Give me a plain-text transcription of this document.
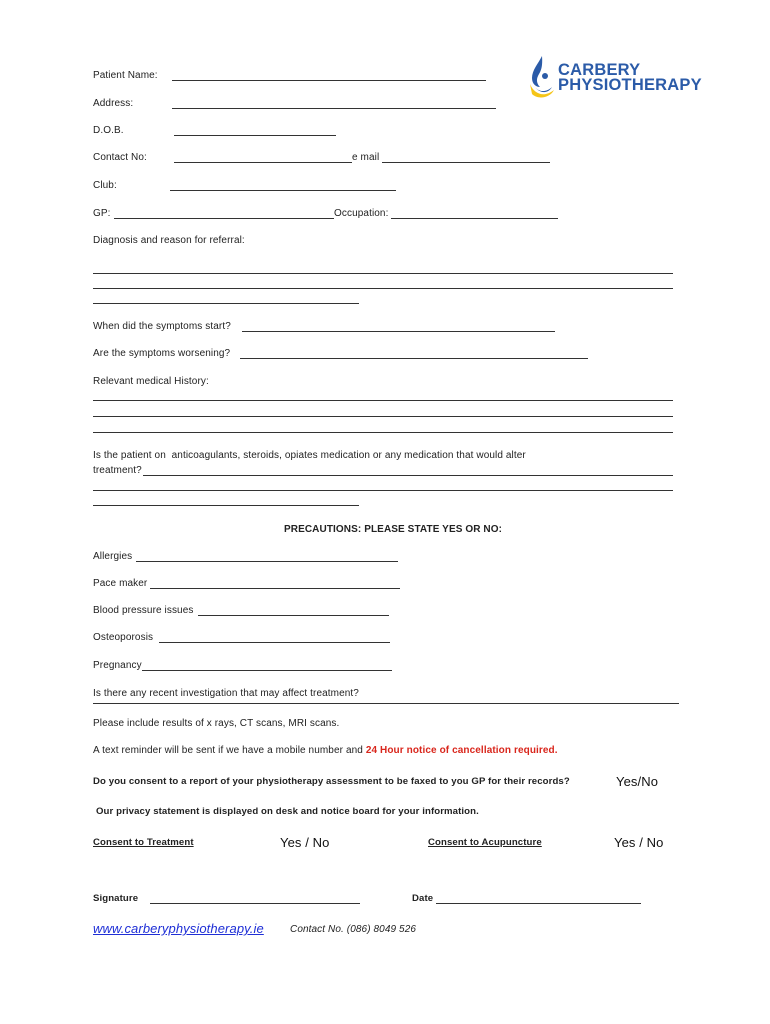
CARBERY
PHYSIOTHERAPY
Patient Name:
Address:
D.O.B.
Contact No:	e mail
Club:
GP:	Occupation:
Diagnosis and reason for referral:
When did the symptoms start?
Are the symptoms worsening?
Relevant medical History:
Is the patient on  anticoagulants, steroids, opiates medication or any medication that would alter
treatment?
PRECAUTIONS: PLEASE STATE YES OR NO:
Allergies
Pace maker
Blood pressure issues
Osteoporosis
Pregnancy
Is there any recent investigation that may affect treatment?
Please include results of x rays, CT scans, MRI scans.
A text reminder will be sent if we have a mobile number and 24 Hour notice of cancellation required.
Do you consent to a report of your physiotherapy assessment to be faxed to you GP for their records?	Yes/No
Our privacy statement is displayed on desk and notice board for your information.
Consent to Treatment	Yes / No	Consent to Acupuncture	Yes / No
Signature	Date
www.carberyphysiotherapy.ie	Contact No. (086) 8049 526
